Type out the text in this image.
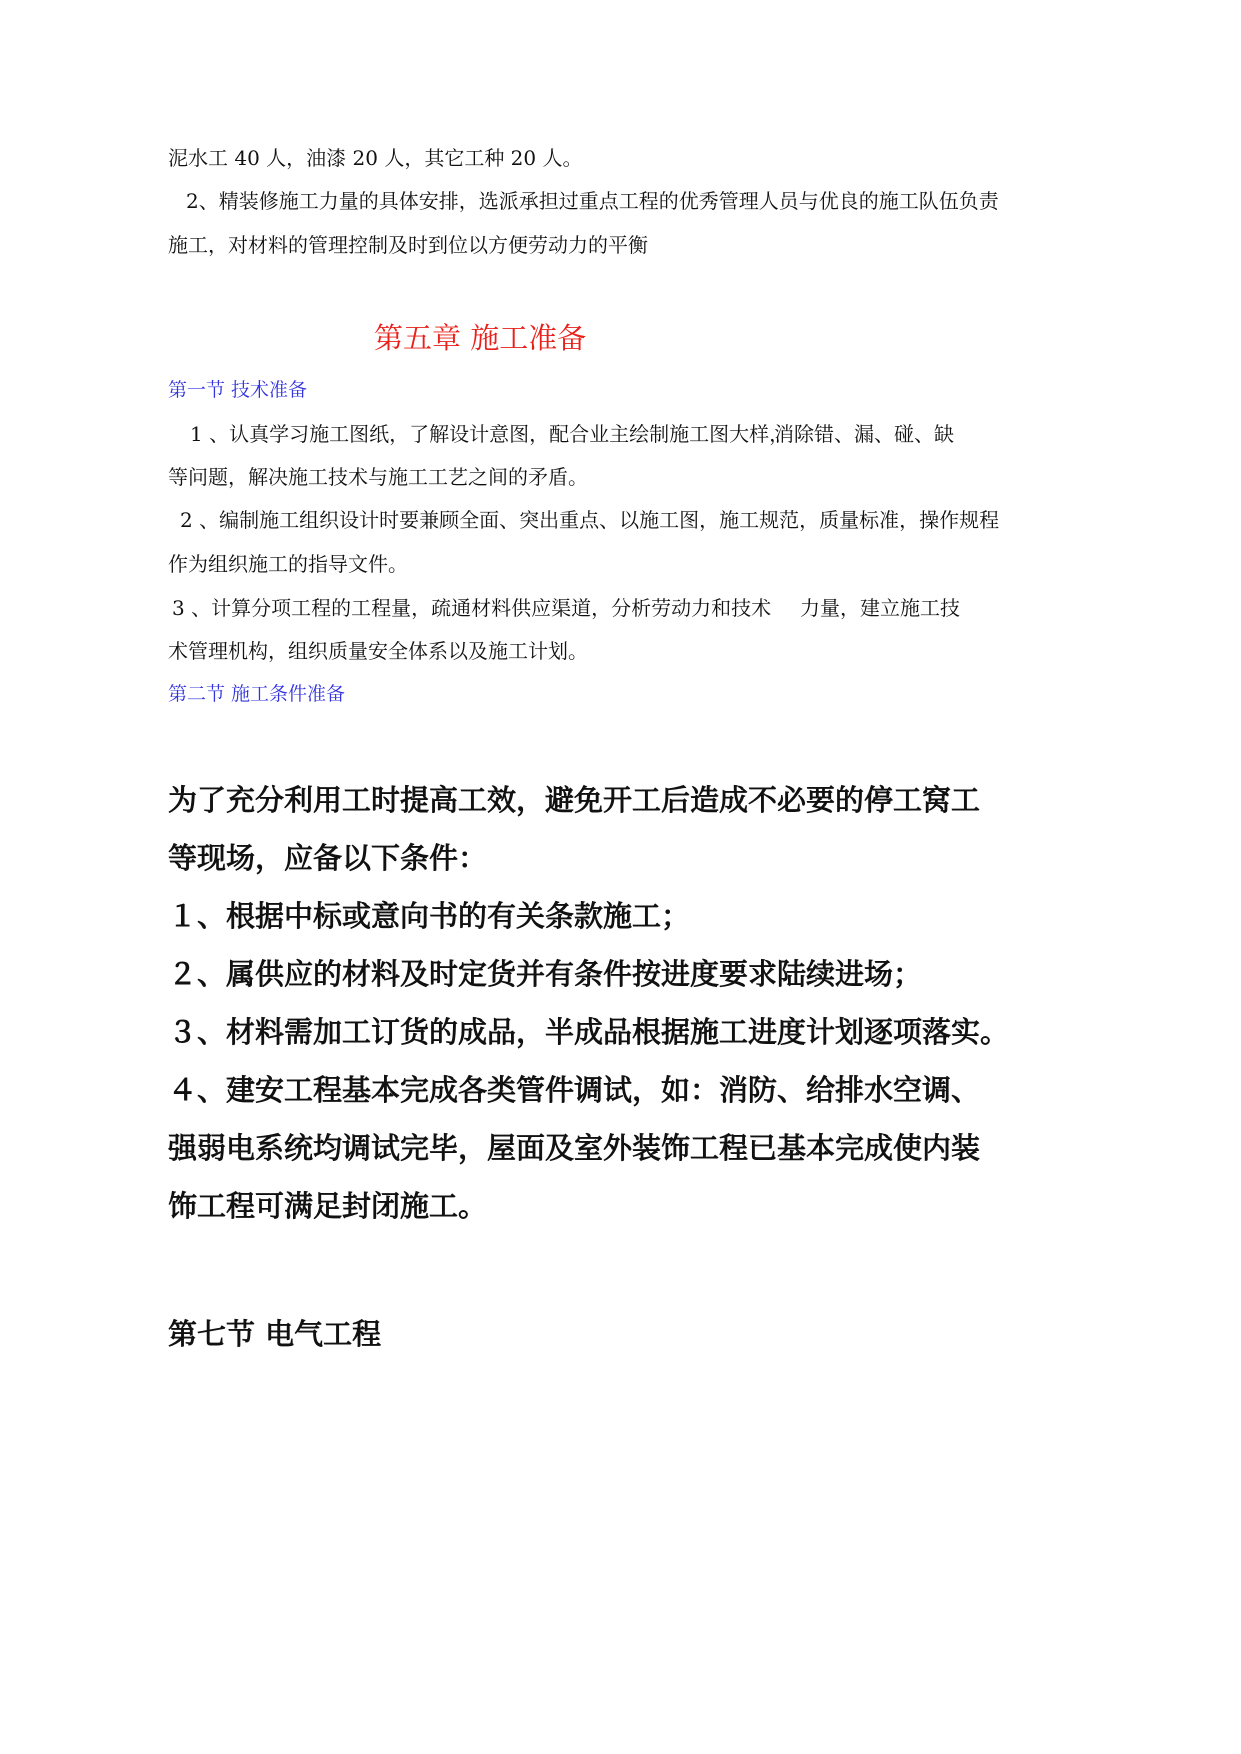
泥水工 40 人，油漆 20 人，其它工种 20 人。

2、精装修施工力量的具体安排，选派承担过重点工程的优秀管理人员与优良的施工队伍负责

施工，对材料的管理控制及时到位以方便劳动力的平衡

第五章 施工准备
第一节 技术准备

1 、认真学习施工图纸，了解设计意图，配合业主绘制施工图大样，

消除错、漏、碰、缺

等问题，解决施工技术与施工工艺之间的矛盾。

2 、编制施工组织设计时要兼顾全面、突出重点、以施工图，施工规范，质量标准，操作规程

作为组织施工的指导文件。

3 、计算分项工程的工程量，疏通材料供应渠道，分析劳动力和技术 力量，建立施工技

术管理机构，组织质量安全体系以及施工计划。

第二节 施工条件准备

为了充分利用工时提高工效，避免开工后造成不必要的停工窝工

等现场，应备以下条件：

１、根据中标或意向书的有关条款施工；

２、属供应的材料及时定货并有条件按进度要求陆续进场；

３、材料需加工订货的成品，半成品根据施工进度计划逐项落实。

４、建安工程基本完成各类管件调试，如：消防、给排水空调、

强弱电系统均调试完毕，屋面及室外装饰工程已基本完成使内装

饰工程可满足封闭施工。

第七节 电气工程
